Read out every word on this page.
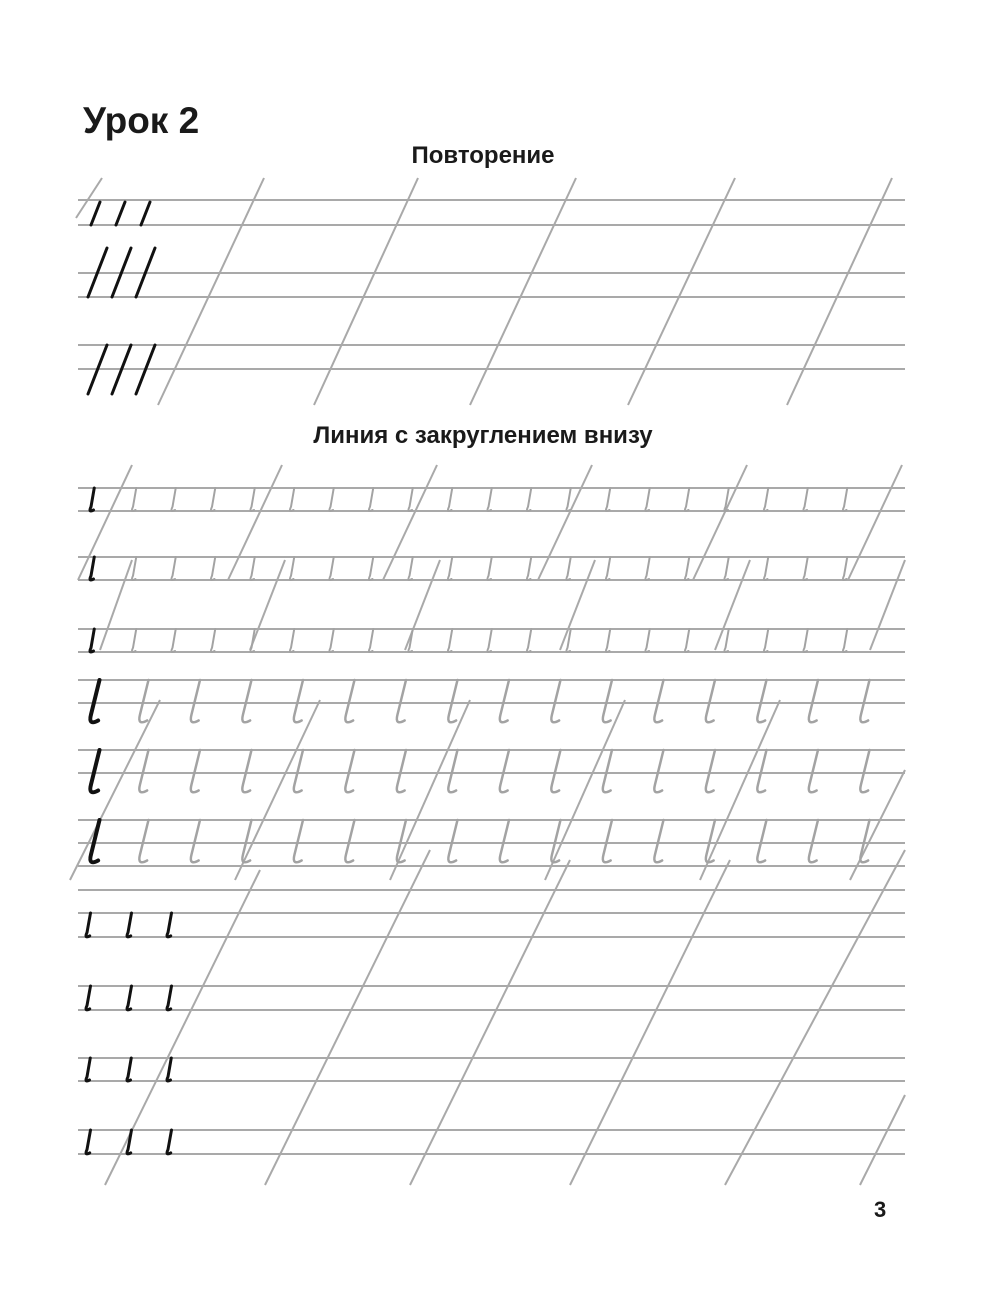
Урок 2
Повторение
Линия с закруглением внизу
3
